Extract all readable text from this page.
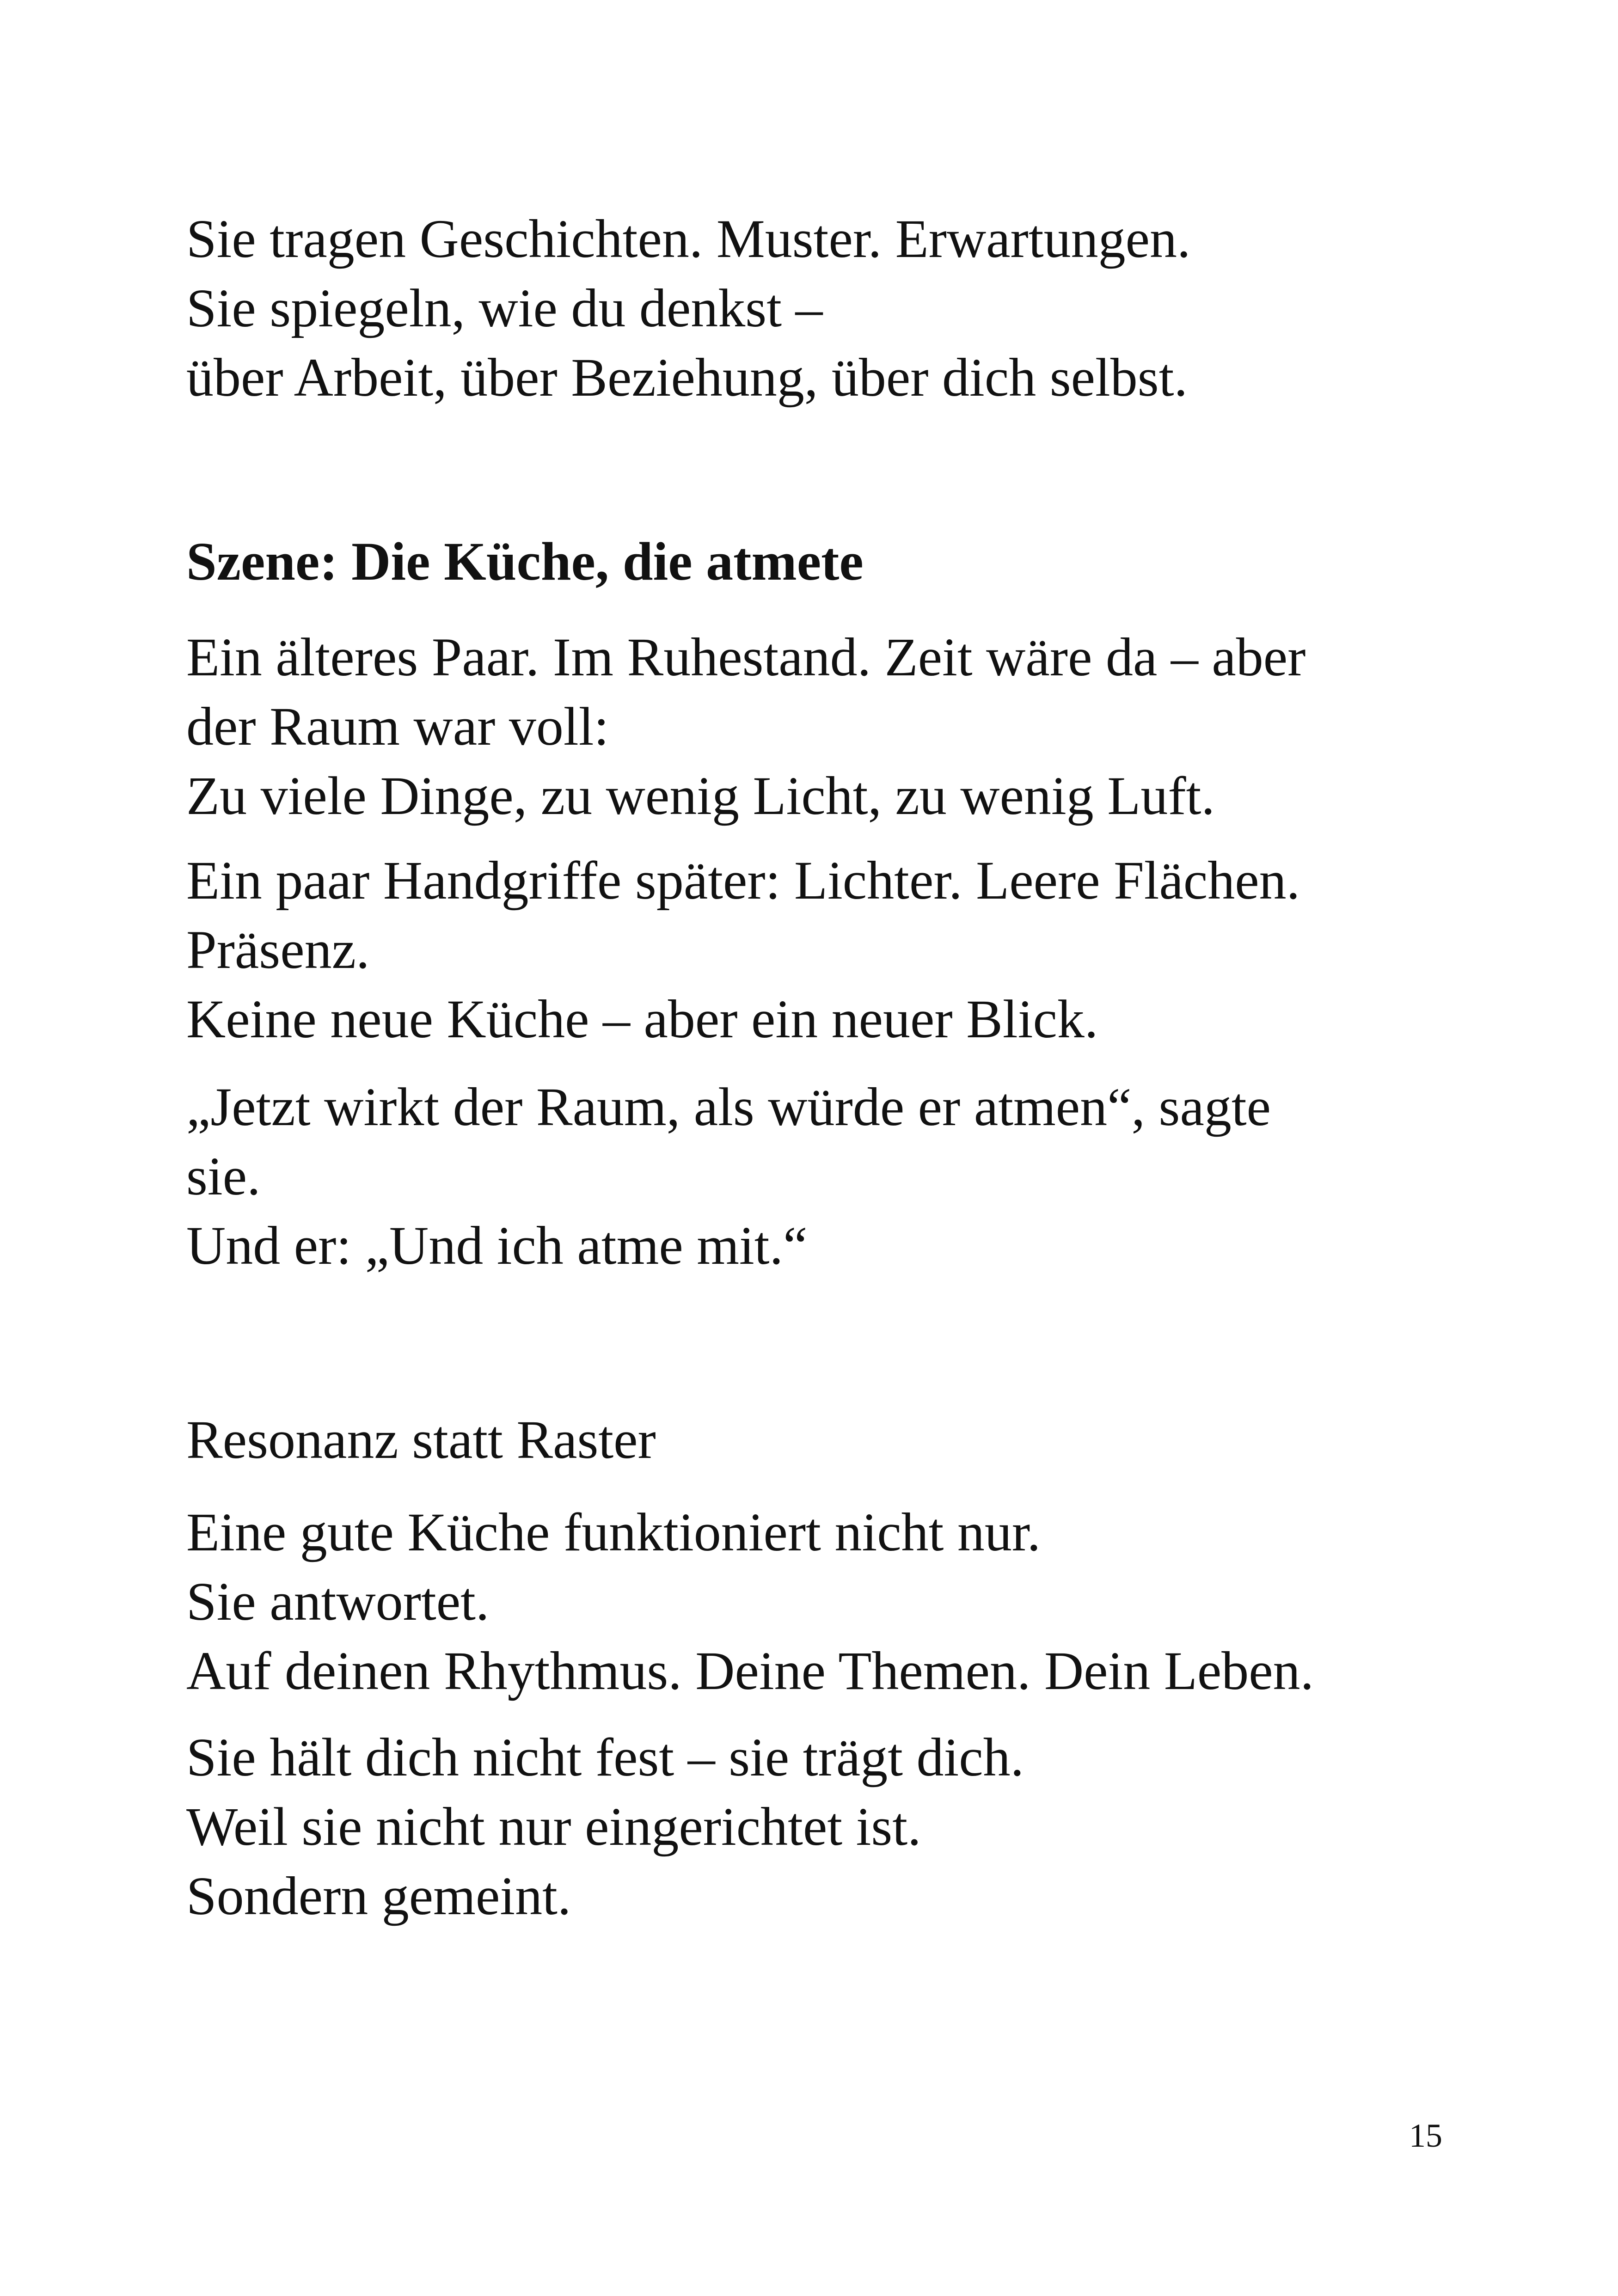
Sie tragen Geschichten. Muster. Erwartungen.
Sie spiegeln, wie du denkst –
über Arbeit, über Beziehung, über dich selbst.
Szene: Die Küche, die atmete
Ein älteres Paar. Im Ruhestand. Zeit wäre da – aber
der Raum war voll:
Zu viele Dinge, zu wenig Licht, zu wenig Luft.
Ein paar Handgriffe später: Lichter. Leere Flächen.
Präsenz.
Keine neue Küche – aber ein neuer Blick.
„Jetzt wirkt der Raum, als würde er atmen“, sagte
sie.
Und er: „Und ich atme mit.“
Resonanz statt Raster
Eine gute Küche funktioniert nicht nur.
Sie antwortet.
Auf deinen Rhythmus. Deine Themen. Dein Leben.
Sie hält dich nicht fest – sie trägt dich.
Weil sie nicht nur eingerichtet ist.
Sondern gemeint.
15
